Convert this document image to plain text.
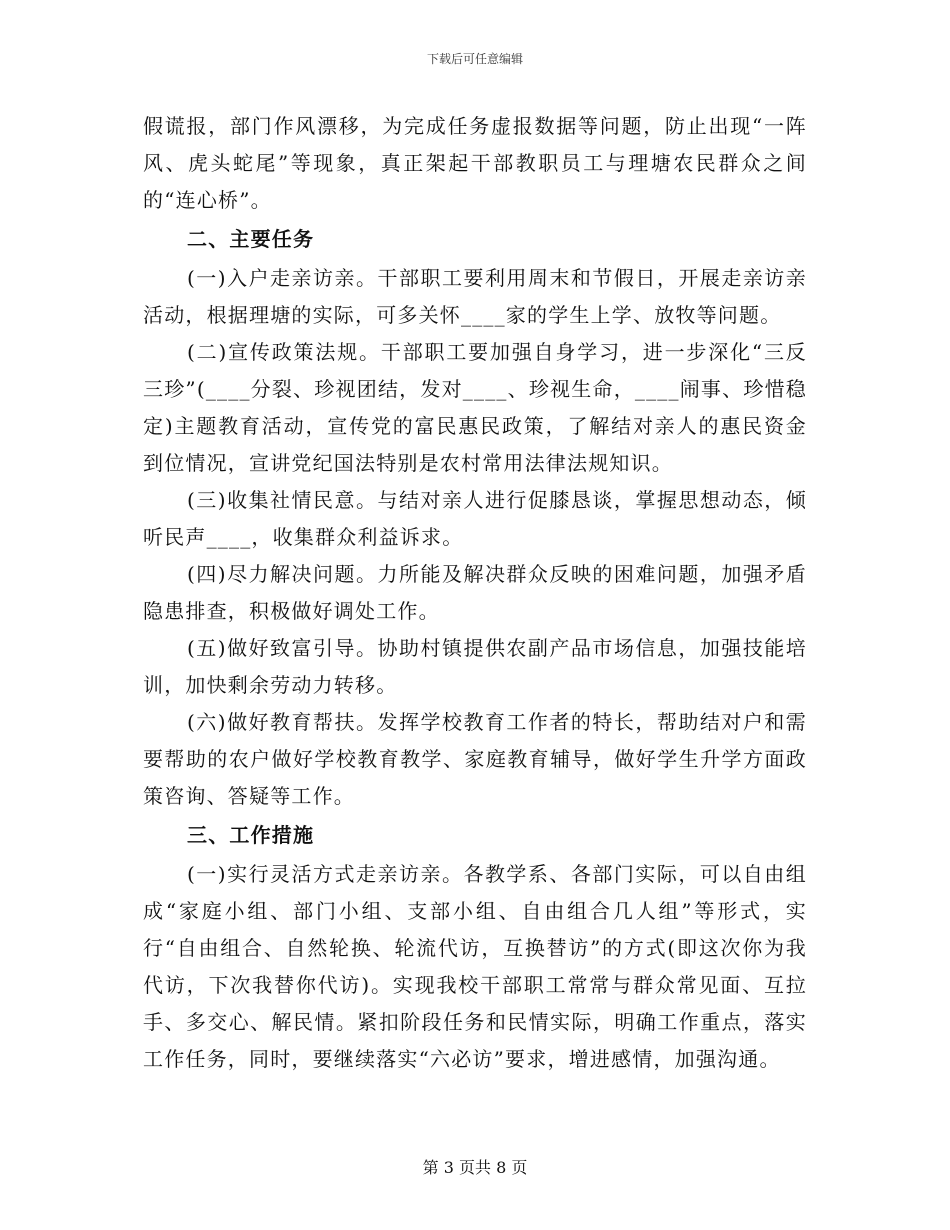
下载后可任意编辑

假谎报，部门作风漂移，为完成任务虚报数据等问题，防止出现“一阵风、虎头蛇尾”等现象，真正架起干部教职员工与理塘农民群众之间的“连心桥”。

二、主要任务

(一)入户走亲访亲。干部职工要利用周末和节假日，开展走亲访亲活动，根据理塘的实际，可多关怀____家的学生上学、放牧等问题。

(二)宣传政策法规。干部职工要加强自身学习，进一步深化“三反三珍”(____分裂、珍视团结，发对____、珍视生命，____闹事、珍惜稳定)主题教育活动，宣传党的富民惠民政策，了解结对亲人的惠民资金到位情况，宣讲党纪国法特别是农村常用法律法规知识。

(三)收集社情民意。与结对亲人进行促膝恳谈，掌握思想动态，倾听民声____，收集群众利益诉求。

(四)尽力解决问题。力所能及解决群众反映的困难问题，加强矛盾隐患排查，积极做好调处工作。

(五)做好致富引导。协助村镇提供农副产品市场信息，加强技能培训，加快剩余劳动力转移。

(六)做好教育帮扶。发挥学校教育工作者的特长，帮助结对户和需要帮助的农户做好学校教育教学、家庭教育辅导，做好学生升学方面政策咨询、答疑等工作。

三、工作措施

(一)实行灵活方式走亲访亲。各教学系、各部门实际，可以自由组成“家庭小组、部门小组、支部小组、自由组合几人组”等形式，实行“自由组合、自然轮换、轮流代访，互换替访”的方式(即这次你为我代访，下次我替你代访)。实现我校干部职工常常与群众常见面、互拉手、多交心、解民情。紧扣阶段任务和民情实际，明确工作重点，落实工作任务，同时，要继续落实“六必访”要求，增进感情，加强沟通。

第 3 页共 8 页
